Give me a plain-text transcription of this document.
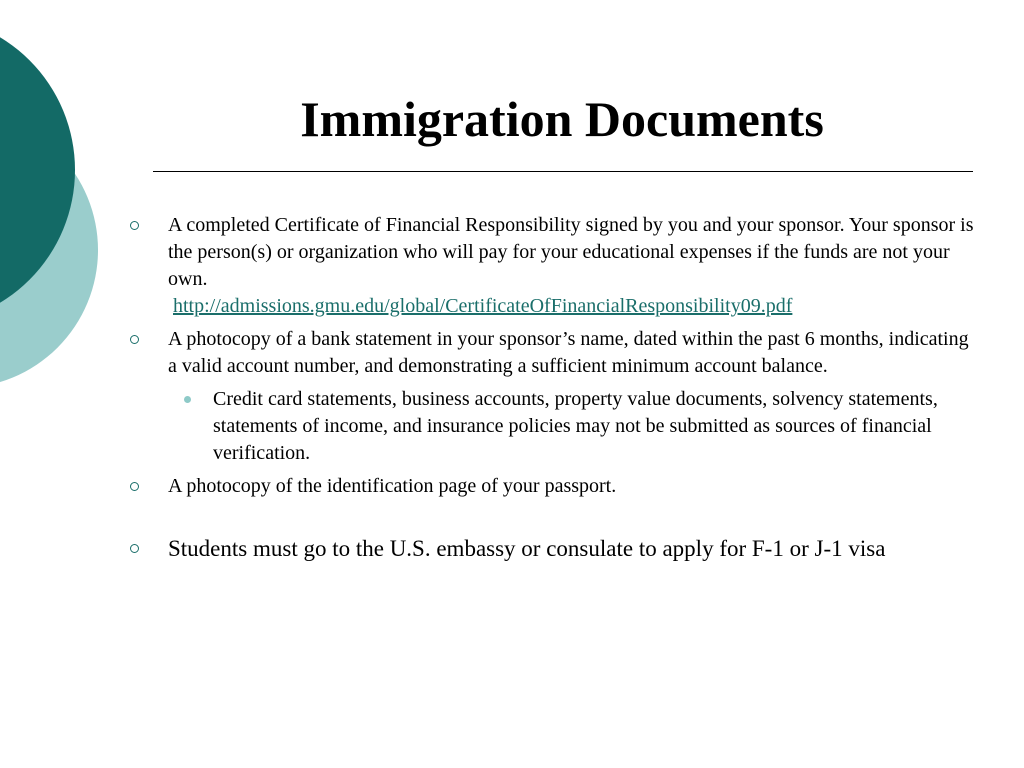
Immigration Documents
A completed Certificate of Financial Responsibility signed by you and your sponsor. Your sponsor is the person(s) or organization who will pay for your educational expenses if the funds are not your own.
http://admissions.gmu.edu/global/CertificateOfFinancialResponsibility09.pdf
A photocopy of a bank statement in your sponsor’s name, dated within the past 6 months, indicating a valid account number, and demonstrating a sufficient minimum account balance.
Credit card statements, business accounts, property value documents, solvency statements, statements of income, and insurance policies may not be submitted as sources of financial verification.
A photocopy of the identification page of your passport.
Students must go to the U.S. embassy or consulate to apply for F-1 or J-1 visa
